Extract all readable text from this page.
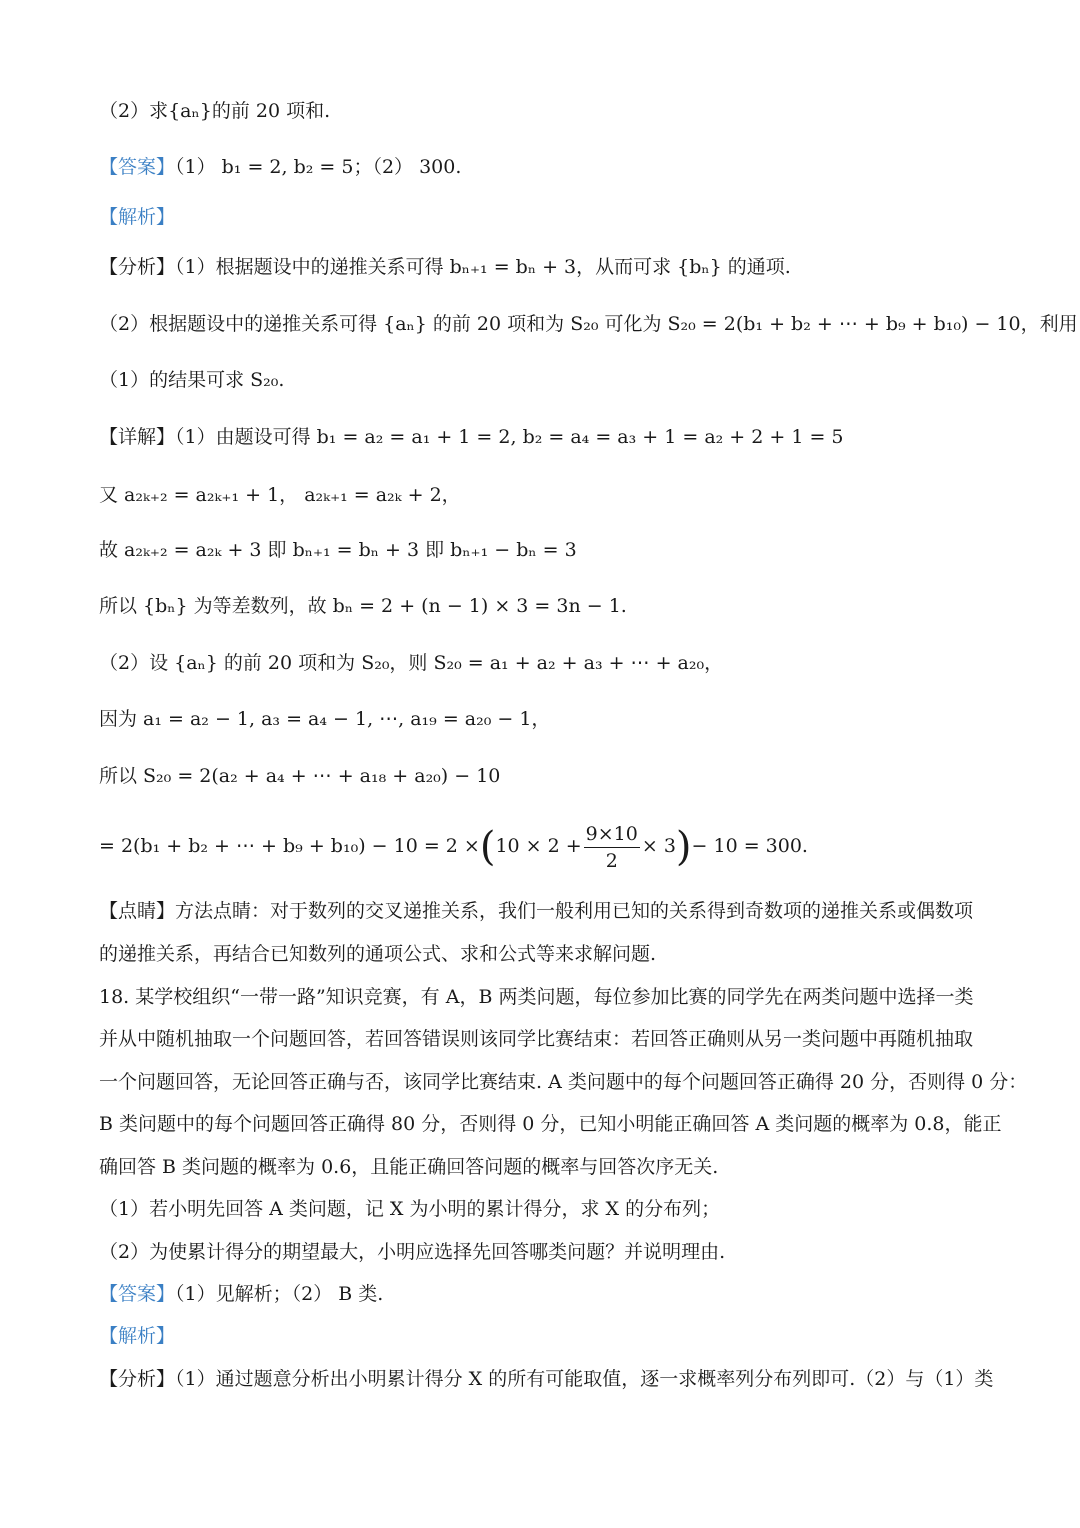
（2）求{aₙ}的前 20 项和.
【答案】（1） b₁ = 2, b₂ = 5；（2） 300.
【解析】
【分析】（1）根据题设中的递推关系可得 bₙ₊₁ = bₙ + 3，从而可求 {bₙ} 的通项.
（2）根据题设中的递推关系可得 {aₙ} 的前 20 项和为 S₂₀ 可化为 S₂₀ = 2(b₁ + b₂ + ⋯ + b₉ + b₁₀) − 10，利用
（1）的结果可求 S₂₀.
【详解】（1）由题设可得 b₁ = a₂ = a₁ + 1 = 2, b₂ = a₄ = a₃ + 1 = a₂ + 2 + 1 = 5
又 a₂ₖ₊₂ = a₂ₖ₊₁ + 1， a₂ₖ₊₁ = a₂ₖ + 2，
故 a₂ₖ₊₂ = a₂ₖ + 3 即 bₙ₊₁ = bₙ + 3 即 bₙ₊₁ − bₙ = 3
所以 {bₙ} 为等差数列，故 bₙ = 2 + (n − 1) × 3 = 3n − 1.
（2）设 {aₙ} 的前 20 项和为 S₂₀，则 S₂₀ = a₁ + a₂ + a₃ + ⋯ + a₂₀，
因为 a₁ = a₂ − 1, a₃ = a₄ − 1, ⋯, a₁₉ = a₂₀ − 1，
所以 S₂₀ = 2(a₂ + a₄ + ⋯ + a₁₈ + a₂₀) − 10
= 2(b₁ + b₂ + ⋯ + $b_9 + b_{10}) - 10 = 2 \times(10 \times 2 + \frac{9\times 10}{2} \times 3)- 10 = 300$.
【点睛】方法点睛：对于数列的交叉递推关系，我们一般利用已知的关系得到奇数项的递推关系或偶数项
的递推关系，再结合已知数列的通项公式、求和公式等来求解问题.
18. 某学校组织“一带一路”知识竞赛，有 A，B 两类问题，每位参加比赛的同学先在两类问题中选择一类
并从中随机抽取一个问题回答，若回答错误则该同学比赛结束：若回答正确则从另一类问题中再随机抽取
一个问题回答，无论回答正确与否，该同学比赛结束. A 类问题中的每个问题回答正确得 20 分，否则得 0 分：
B 类问题中的每个问题回答正确得 80 分，否则得 0 分，已知小明能正确回答 A 类问题的概率为 0.8，能正
确回答 B 类问题的概率为 0.6，且能正确回答问题的概率与回答次序无关.
（1）若小明先回答 A 类问题，记 X 为小明的累计得分，求 X 的分布列；
（2）为使累计得分的期望最大，小明应选择先回答哪类问题？并说明理由.
【答案】（1）见解析；（2） B 类.
【解析】
【分析】（1）通过题意分析出小明累计得分 X 的所有可能取值，逐一求概率列分布列即可.（2）与（1）类
